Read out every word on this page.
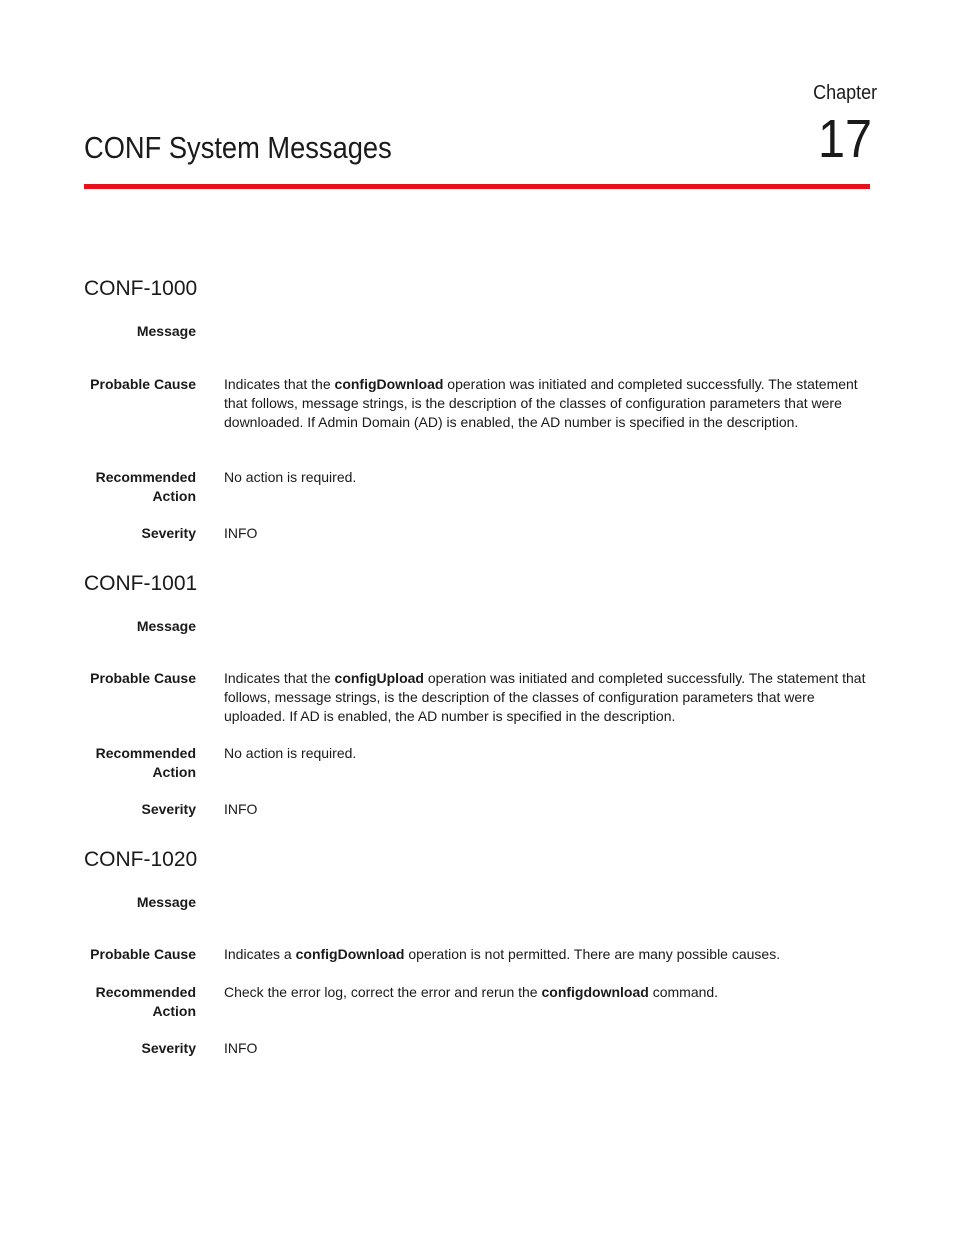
Chapter
17
CONF System Messages
CONF-1000
Message
Probable Cause Indicates that the configDownload operation was initiated and completed successfully. The statement that follows, message strings, is the description of the classes of configuration parameters that were downloaded. If Admin Domain (AD) is enabled, the AD number is specified in the description.
Recommended
Action
No action is required.
Severity INFO
CONF-1001
Message
Probable Cause Indicates that the configUpload operation was initiated and completed successfully. The statement that follows, message strings, is the description of the classes of configuration parameters that were uploaded. If AD is enabled, the AD number is specified in the description.
Recommended
Action
No action is required.
Severity INFO
CONF-1020
Message
Probable Cause Indicates a configDownload operation is not permitted. There are many possible causes.
Recommended
Action
Check the error log, correct the error and rerun the configdownload command.
Severity INFO
